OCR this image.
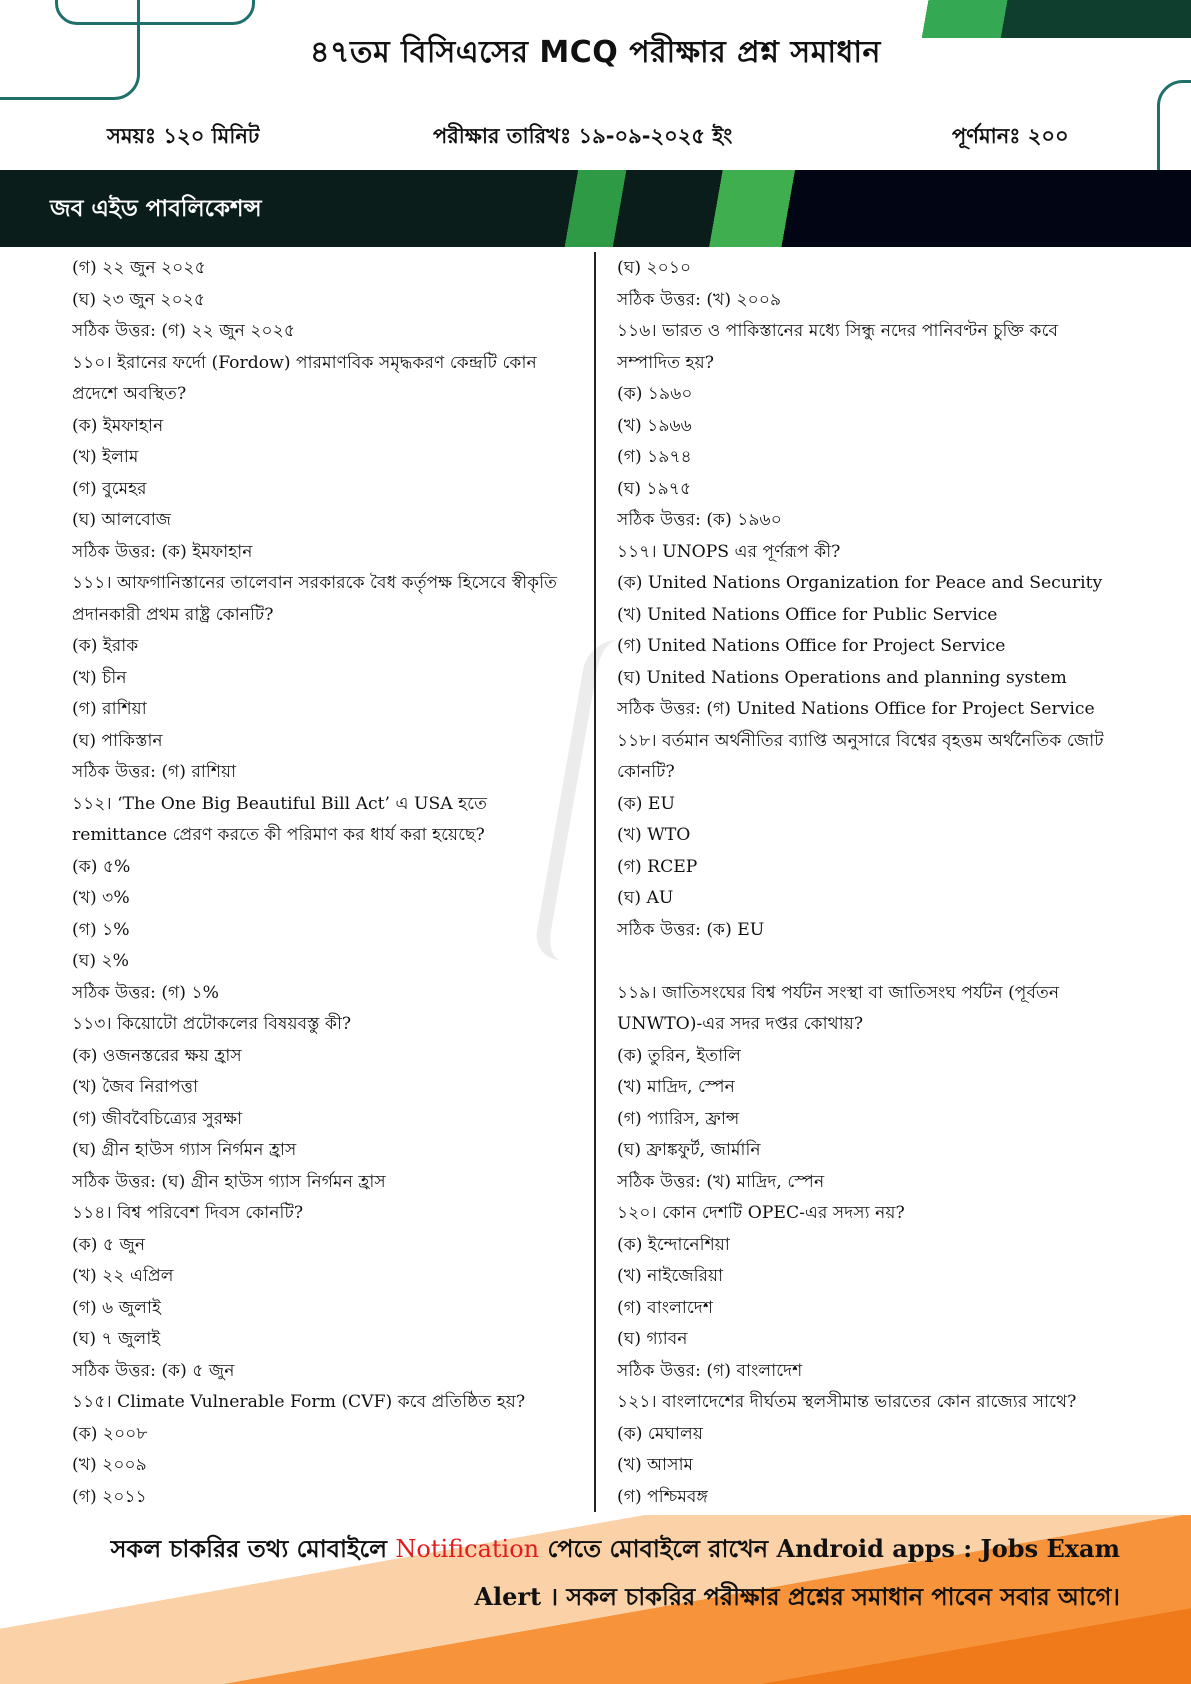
৪৭তম বিসিএসের MCQ পরীক্ষার প্রশ্ন সমাধান
সময়ঃ ১২০ মিনিট	পরীক্ষার তারিখঃ ১৯-০৯-২০২৫ ইং	পূর্ণমানঃ ২০০
জব এইড পাবলিকেশন্স
(গ) ২২ জুন ২০২৫
(ঘ) ২৩ জুন ২০২৫
সঠিক উত্তর: (গ) ২২ জুন ২০২৫
১১০। ইরানের ফর্দো (Fordow) পারমাণবিক সমৃদ্ধকরণ কেন্দ্রটি কোন
প্রদেশে অবস্থিত?
(ক) ইমফাহান
(খ) ইলাম
(গ) বুমেহর
(ঘ) আলবোজ
সঠিক উত্তর: (ক) ইমফাহান
১১১। আফগানিস্তানের তালেবান সরকারকে বৈধ কর্তৃপক্ষ হিসেবে স্বীকৃতি
প্রদানকারী প্রথম রাষ্ট্র কোনটি?
(ক) ইরাক
(খ) চীন
(গ) রাশিয়া
(ঘ) পাকিস্তান
সঠিক উত্তর: (গ) রাশিয়া
১১২। ‘The One Big Beautiful Bill Act’ এ USA হতে
remittance প্রেরণ করতে কী পরিমাণ কর ধার্য করা হয়েছে?
(ক) ৫%
(খ) ৩%
(গ) ১%
(ঘ) ২%
সঠিক উত্তর: (গ) ১%
১১৩। কিয়োটো প্রটোকলের বিষয়বস্তু কী?
(ক) ওজনস্তরের ক্ষয় হ্রাস
(খ) জৈব নিরাপত্তা
(গ) জীববৈচিত্র্যের সুরক্ষা
(ঘ) গ্রীন হাউস গ্যাস নির্গমন হ্রাস
সঠিক উত্তর: (ঘ) গ্রীন হাউস গ্যাস নির্গমন হ্রাস
১১৪। বিশ্ব পরিবেশ দিবস কোনটি?
(ক) ৫ জুন
(খ) ২২ এপ্রিল
(গ) ৬ জুলাই
(ঘ) ৭ জুলাই
সঠিক উত্তর: (ক) ৫ জুন
১১৫। Climate Vulnerable Form (CVF) কবে প্রতিষ্ঠিত হয়?
(ক) ২০০৮
(খ) ২০০৯
(গ) ২০১১
(ঘ) ২০১০
সঠিক উত্তর: (খ) ২০০৯
১১৬। ভারত ও পাকিস্তানের মধ্যে সিন্ধু নদের পানিবণ্টন চুক্তি কবে
সম্পাদিত হয়?
(ক) ১৯৬০
(খ) ১৯৬৬
(গ) ১৯৭৪
(ঘ) ১৯৭৫
সঠিক উত্তর: (ক) ১৯৬০
১১৭। UNOPS এর পূর্ণরূপ কী?
(ক) United Nations Organization for Peace and Security
(খ) United Nations Office for Public Service
(গ) United Nations Office for Project Service
(ঘ) United Nations Operations and planning system
সঠিক উত্তর: (গ) United Nations Office for Project Service
১১৮। বর্তমান অর্থনীতির ব্যাপ্তি অনুসারে বিশ্বের বৃহত্তম অর্থনৈতিক জোট
কোনটি?
(ক) EU
(খ) WTO
(গ) RCEP
(ঘ) AU
সঠিক উত্তর: (ক) EU
১১৯। জাতিসংঘের বিশ্ব পর্যটন সংস্থা বা জাতিসংঘ পর্যটন (পূর্বতন
UNWTO)-এর সদর দপ্তর কোথায়?
(ক) তুরিন, ইতালি
(খ) মাদ্রিদ, স্পেন
(গ) প্যারিস, ফ্রান্স
(ঘ) ফ্রাঙ্কফুর্ট, জার্মানি
সঠিক উত্তর: (খ) মাদ্রিদ, স্পেন
১২০। কোন দেশটি OPEC-এর সদস্য নয়?
(ক) ইন্দোনেশিয়া
(খ) নাইজেরিয়া
(গ) বাংলাদেশ
(ঘ) গ্যাবন
সঠিক উত্তর: (গ) বাংলাদেশ
১২১। বাংলাদেশের দীর্ঘতম স্থলসীমান্ত ভারতের কোন রাজ্যের সাথে?
(ক) মেঘালয়
(খ) আসাম
(গ) পশ্চিমবঙ্গ
সকল চাকরির তথ্য মোবাইলে Notification পেতে মোবাইলে রাখেন Android apps : Jobs Exam
Alert । সকল চাকরির পরীক্ষার প্রশ্নের সমাধান পাবেন সবার আগে।
